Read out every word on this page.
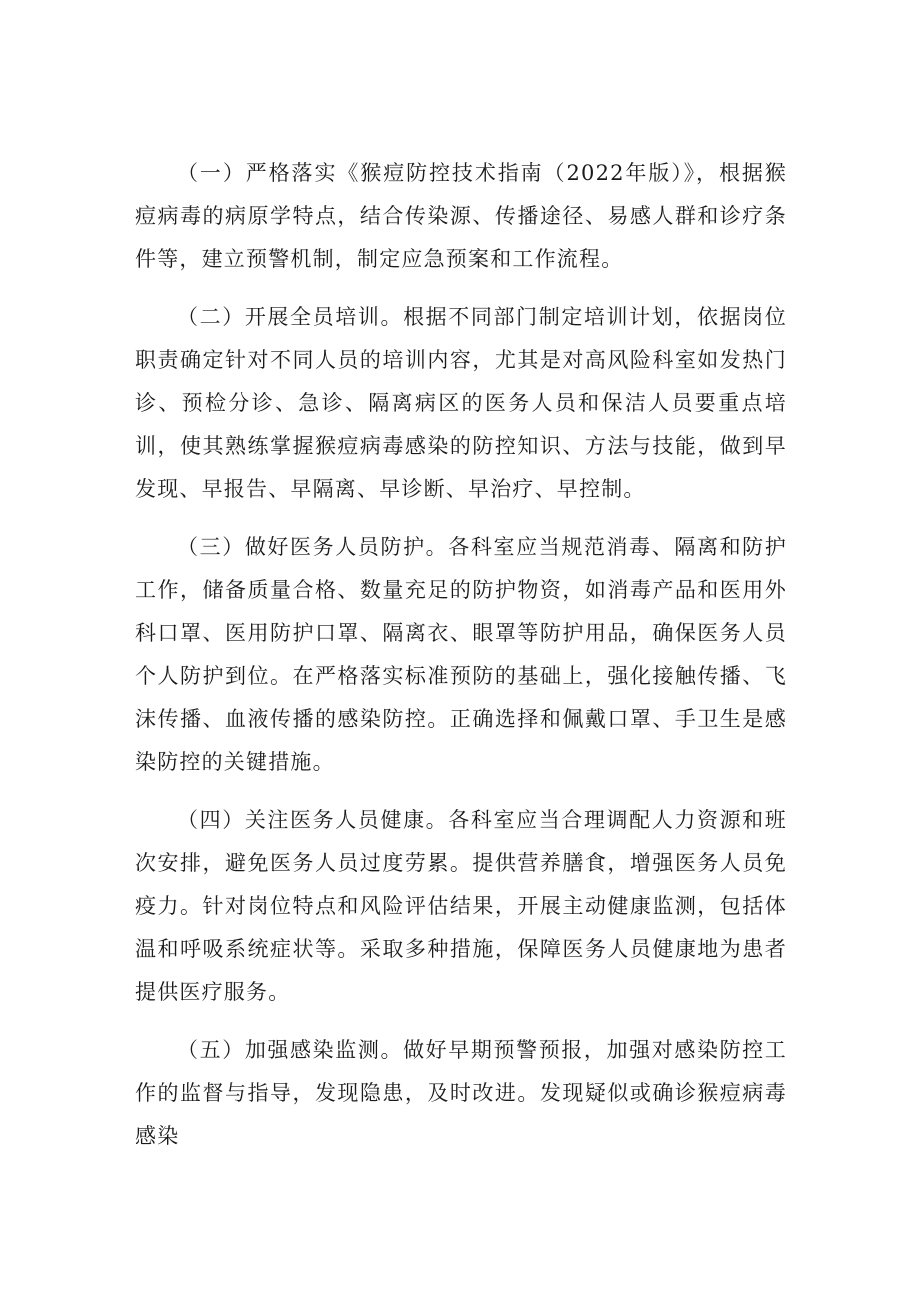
（一）严格落实《猴痘防控技术指南（2022年版）》，根据猴痘病毒的病原学特点，结合传染源、传播途径、易感人群和诊疗条件等，建立预警机制，制定应急预案和工作流程。

（二）开展全员培训。根据不同部门制定培训计划，依据岗位职责确定针对不同人员的培训内容，尤其是对高风险科室如发热门诊、预检分诊、急诊、隔离病区的医务人员和保洁人员要重点培训，使其熟练掌握猴痘病毒感染的防控知识、方法与技能，做到早发现、早报告、早隔离、早诊断、早治疗、早控制。

（三）做好医务人员防护。各科室应当规范消毒、隔离和防护工作，储备质量合格、数量充足的防护物资，如消毒产品和医用外科口罩、医用防护口罩、隔离衣、眼罩等防护用品，确保医务人员个人防护到位。在严格落实标准预防的基础上，强化接触传播、飞沫传播、血液传播的感染防控。正确选择和佩戴口罩、手卫生是感染防控的关键措施。

（四）关注医务人员健康。各科室应当合理调配人力资源和班次安排，避免医务人员过度劳累。提供营养膳食，增强医务人员免疫力。针对岗位特点和风险评估结果，开展主动健康监测，包括体温和呼吸系统症状等。采取多种措施，保障医务人员健康地为患者提供医疗服务。

（五）加强感染监测。做好早期预警预报，加强对感染防控工作的监督与指导，发现隐患，及时改进。发现疑似或确诊猴痘病毒感染
